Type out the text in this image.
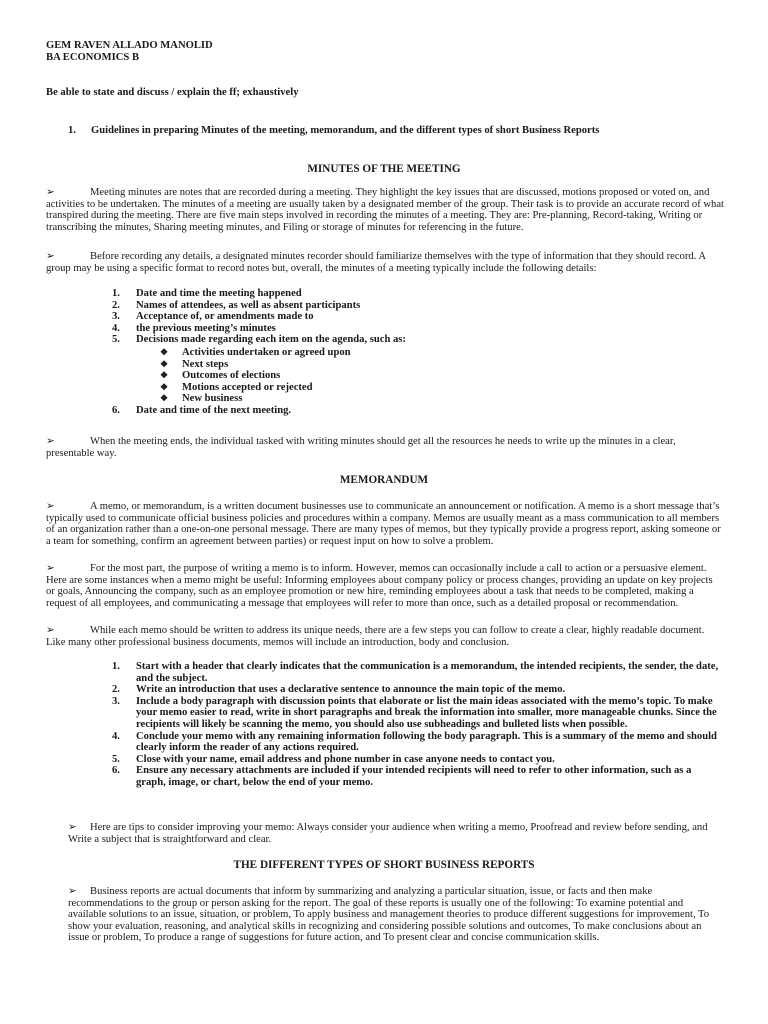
GEM RAVEN ALLADO MANOLID
BA ECONOMICS B
Be able to state and discuss / explain the ff; exhaustively
1. Guidelines in preparing Minutes of the meeting, memorandum, and the different types of short Business Reports
MINUTES OF THE MEETING
➢	Meeting minutes are notes that are recorded during a meeting. They highlight the key issues that are discussed, motions proposed or voted on, and activities to be undertaken. The minutes of a meeting are usually taken by a designated member of the group. Their task is to provide an accurate record of what transpired during the meeting. There are five main steps involved in recording the minutes of a meeting. They are: Pre-planning, Record-taking, Writing or transcribing the minutes, Sharing meeting minutes, and Filing or storage of minutes for referencing in the future.
➢	Before recording any details, a designated minutes recorder should familiarize themselves with the type of information that they should record. A group may be using a specific format to record notes but, overall, the minutes of a meeting typically include the following details:
1.	Date and time the meeting happened
2.	Names of attendees, as well as absent participants
3.	Acceptance of, or amendments made to
4.	the previous meeting’s minutes
5.	Decisions made regarding each item on the agenda, such as:
❖ Activities undertaken or agreed upon
❖ Next steps
❖ Outcomes of elections
❖ Motions accepted or rejected
❖ New business
6.	Date and time of the next meeting.
➢	When the meeting ends, the individual tasked with writing minutes should get all the resources he needs to write up the minutes in a clear, presentable way.
MEMORANDUM
➢	A memo, or memorandum, is a written document businesses use to communicate an announcement or notification. A memo is a short message that’s typically used to communicate official business policies and procedures within a company. Memos are usually meant as a mass communication to all members of an organization rather than a one-on-one personal message. There are many types of memos, but they typically provide a progress report, asking someone or a team for something, confirm an agreement between parties) or request input on how to solve a problem.
➢	For the most part, the purpose of writing a memo is to inform. However, memos can occasionally include a call to action or a persuasive element. Here are some instances when a memo might be useful: Informing employees about company policy or process changes, providing an update on key projects or goals, Announcing the company, such as an employee promotion or new hire, reminding employees about a task that needs to be completed, making a request of all employees, and communicating a message that employees will refer to more than once, such as a detailed proposal or recommendation.
➢	While each memo should be written to address its unique needs, there are a few steps you can follow to create a clear, highly readable document. Like many other professional business documents, memos will include an introduction, body and conclusion.
1.	Start with a header that clearly indicates that the communication is a memorandum, the intended recipients, the sender, the date, and the subject.
2.	Write an introduction that uses a declarative sentence to announce the main topic of the memo.
3.	Include a body paragraph with discussion points that elaborate or list the main ideas associated with the memo’s topic. To make your memo easier to read, write in short paragraphs and break the information into smaller, more manageable chunks. Since the recipients will likely be scanning the memo, you should also use subheadings and bulleted lists when possible.
4.	Conclude your memo with any remaining information following the body paragraph. This is a summary of the memo and should clearly inform the reader of any actions required.
5.	Close with your name, email address and phone number in case anyone needs to contact you.
6.	Ensure any necessary attachments are included if your intended recipients will need to refer to other information, such as a graph, image, or chart, below the end of your memo.
➢ Here are tips to consider improving your memo: Always consider your audience when writing a memo, Proofread and review before sending, and Write a subject that is straightforward and clear.
THE DIFFERENT TYPES OF SHORT BUSINESS REPORTS
➢ Business reports are actual documents that inform by summarizing and analyzing a particular situation, issue, or facts and then make recommendations to the group or person asking for the report. The goal of these reports is usually one of the following: To examine potential and available solutions to an issue, situation, or problem, To apply business and management theories to produce different suggestions for improvement, To show your evaluation, reasoning, and analytical skills in recognizing and considering possible solutions and outcomes, To make conclusions about an issue or problem, To produce a range of suggestions for future action, and To present clear and concise communication skills.
